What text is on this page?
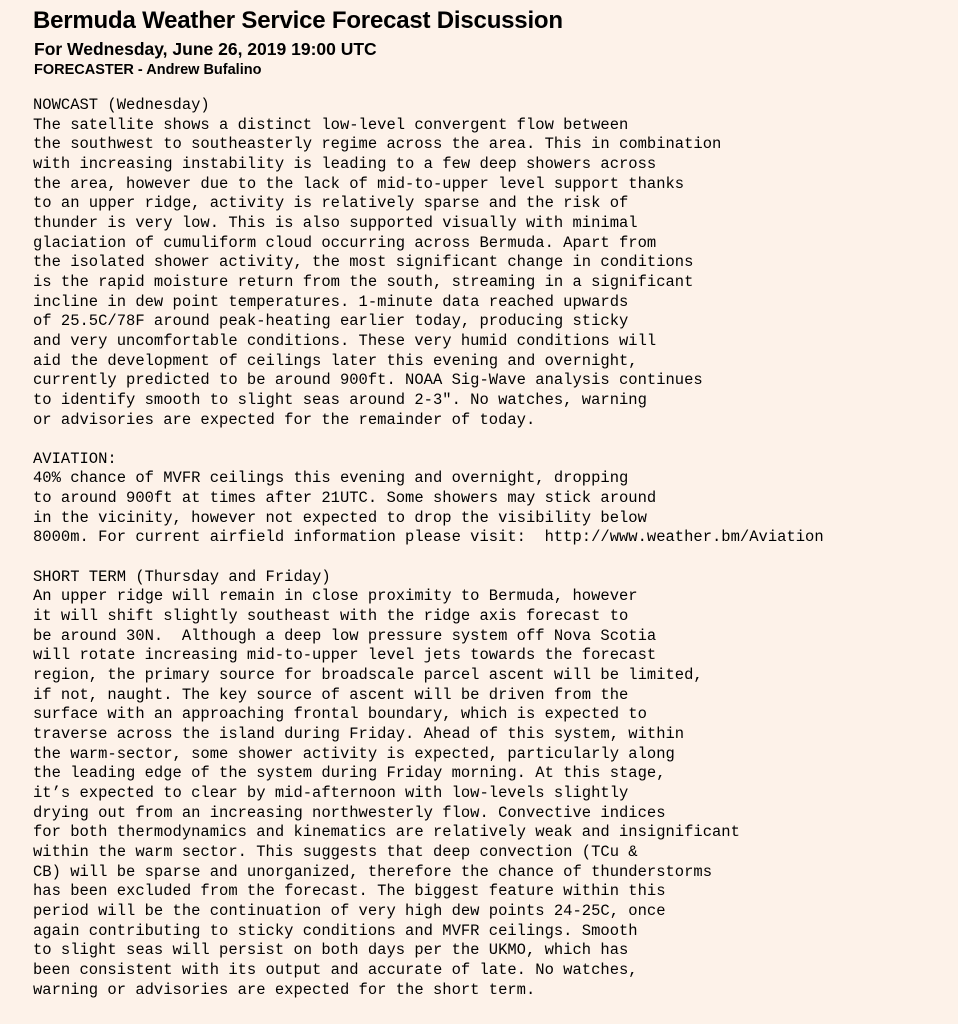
Bermuda Weather Service Forecast Discussion
For Wednesday, June 26, 2019 19:00 UTC
FORECASTER - Andrew Bufalino
NOWCAST (Wednesday)
The satellite shows a distinct low-level convergent flow between
the southwest to southeasterly regime across the area. This in combination
with increasing instability is leading to a few deep showers across
the area, however due to the lack of mid-to-upper level support thanks
to an upper ridge, activity is relatively sparse and the risk of
thunder is very low. This is also supported visually with minimal
glaciation of cumuliform cloud occurring across Bermuda. Apart from
the isolated shower activity, the most significant change in conditions
is the rapid moisture return from the south, streaming in a significant
incline in dew point temperatures. 1-minute data reached upwards
of 25.5C/78F around peak-heating earlier today, producing sticky
and very uncomfortable conditions. These very humid conditions will
aid the development of ceilings later this evening and overnight,
currently predicted to be around 900ft. NOAA Sig-Wave analysis continues
to identify smooth to slight seas around 2-3". No watches, warning
or advisories are expected for the remainder of today.
AVIATION:
40% chance of MVFR ceilings this evening and overnight, dropping
to around 900ft at times after 21UTC. Some showers may stick around
in the vicinity, however not expected to drop the visibility below
8000m. For current airfield information please visit:  http://www.weather.bm/Aviation
SHORT TERM (Thursday and Friday)
An upper ridge will remain in close proximity to Bermuda, however
it will shift slightly southeast with the ridge axis forecast to
be around 30N.  Although a deep low pressure system off Nova Scotia
will rotate increasing mid-to-upper level jets towards the forecast
region, the primary source for broadscale parcel ascent will be limited,
if not, naught. The key source of ascent will be driven from the
surface with an approaching frontal boundary, which is expected to
traverse across the island during Friday. Ahead of this system, within
the warm-sector, some shower activity is expected, particularly along
the leading edge of the system during Friday morning. At this stage,
it’s expected to clear by mid-afternoon with low-levels slightly
drying out from an increasing northwesterly flow. Convective indices
for both thermodynamics and kinematics are relatively weak and insignificant
within the warm sector. This suggests that deep convection (TCu &
CB) will be sparse and unorganized, therefore the chance of thunderstorms
has been excluded from the forecast. The biggest feature within this
period will be the continuation of very high dew points 24-25C, once
again contributing to sticky conditions and MVFR ceilings. Smooth
to slight seas will persist on both days per the UKMO, which has
been consistent with its output and accurate of late. No watches,
warning or advisories are expected for the short term.
